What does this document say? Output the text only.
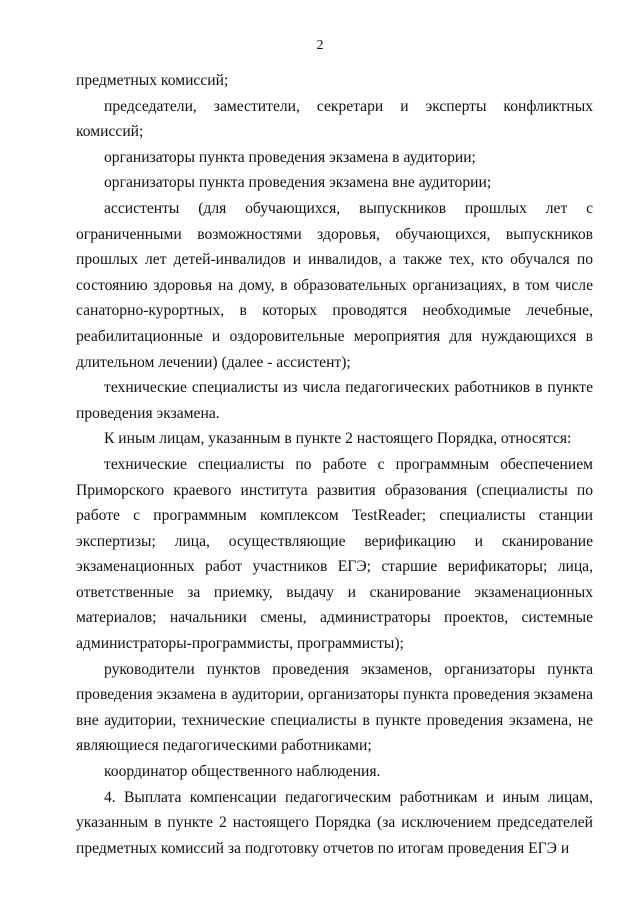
2

предметных комиссий;

председатели, заместители, секретари и эксперты конфликтных комиссий;

организаторы пункта проведения экзамена в аудитории;

организаторы пункта проведения экзамена вне аудитории;

ассистенты (для обучающихся, выпускников прошлых лет с ограниченными возможностями здоровья, обучающихся, выпускников прошлых лет детей-инвалидов и инвалидов, а также тех, кто обучался по состоянию здоровья на дому, в образовательных организациях, в том числе санаторно-курортных, в которых проводятся необходимые лечебные, реабилитационные и оздоровительные мероприятия для нуждающихся в длительном лечении) (далее - ассистент);

технические специалисты из числа педагогических работников в пункте проведения экзамена.

К иным лицам, указанным в пункте 2 настоящего Порядка, относятся:

технические специалисты по работе с программным обеспечением Приморского краевого института развития образования (специалисты по работе с программным комплексом TestReader; специалисты станции экспертизы; лица, осуществляющие верификацию и сканирование экзаменационных работ участников ЕГЭ; старшие верификаторы; лица, ответственные за приемку, выдачу и сканирование экзаменационных материалов; начальники смены, администраторы проектов, системные администраторы-программисты, программисты);

руководители пунктов проведения экзаменов, организаторы пункта проведения экзамена в аудитории, организаторы пункта проведения экзамена вне аудитории, технические специалисты в пункте проведения экзамена, не являющиеся педагогическими работниками;

координатор общественного наблюдения.

4. Выплата компенсации педагогическим работникам и иным лицам, указанным в пункте 2 настоящего Порядка (за исключением председателей предметных комиссий за подготовку отчетов по итогам проведения ЕГЭ и
